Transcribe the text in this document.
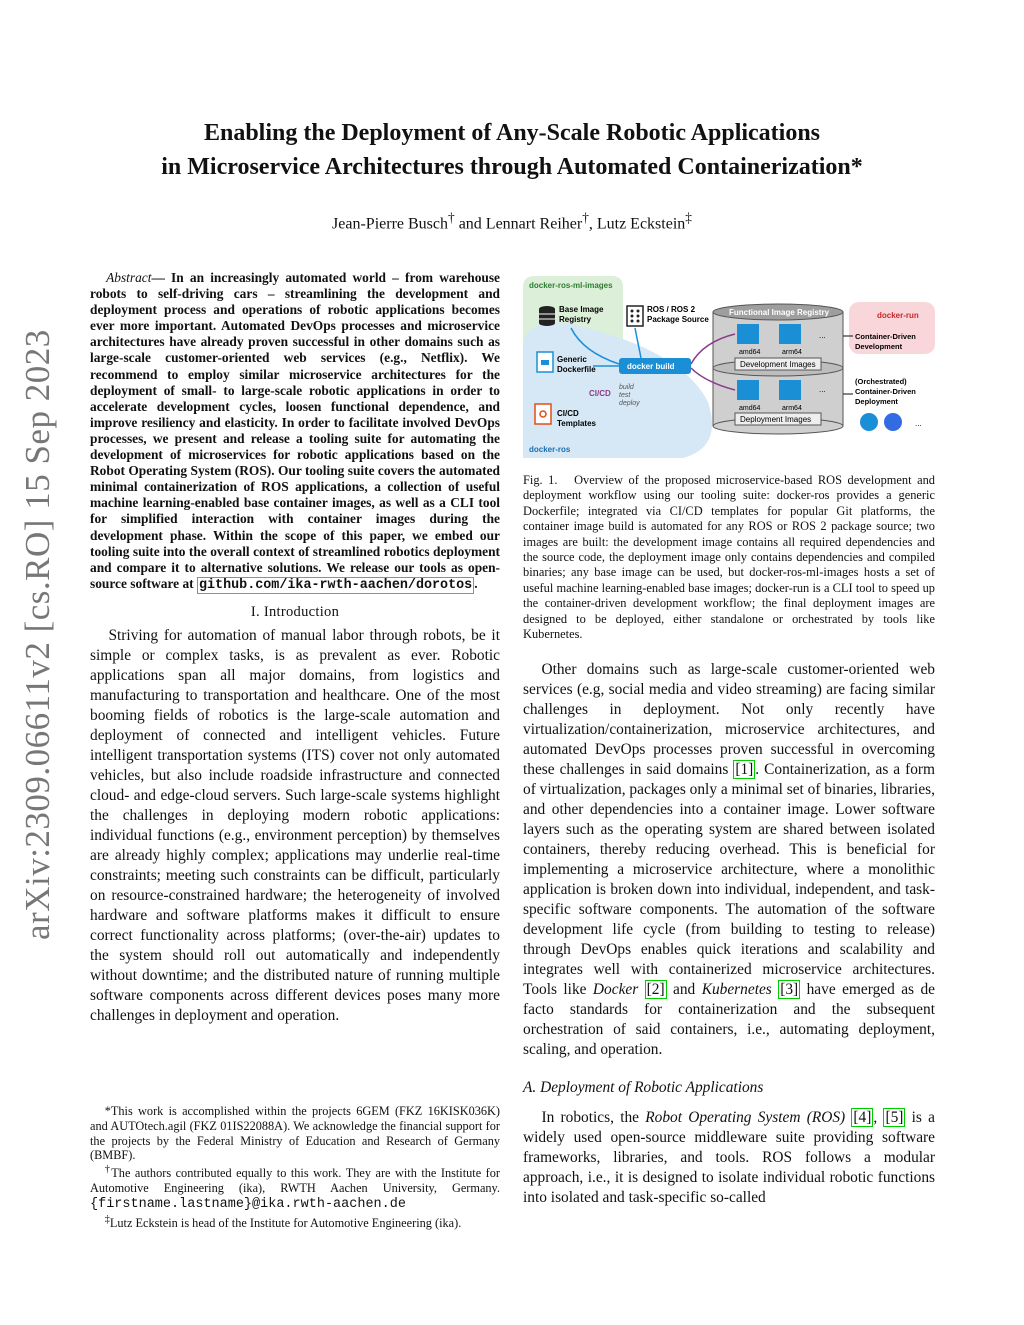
Enabling the Deployment of Any-Scale Robotic Applications
in Microservice Architectures through Automated Containerization*
Jean-Pierre Busch† and Lennart Reiher†, Lutz Eckstein‡
arXiv:2309.06611v2 [cs.RO] 15 Sep 2023

Abstract— In an increasingly automated world – from warehouse robots to self-driving cars – streamlining the development and deployment process and operations of robotic applications becomes ever more important. Automated DevOps processes and microservice architectures have already proven successful in other domains such as large-scale customer-oriented web services (e.g., Netflix). We recommend to employ similar microservice architectures for the deployment of small- to large-scale robotic applications in order to accelerate development cycles, loosen functional dependence, and improve resiliency and elasticity. In order to facilitate involved DevOps processes, we present and release a tooling suite for automating the development of microservices for robotic applications based on the Robot Operating System (ROS). Our tooling suite covers the automated minimal containerization of ROS applications, a collection of useful machine learning-enabled base container images, as well as a CLI tool for simplified interaction with container images during the development phase. Within the scope of this paper, we embed our tooling suite into the overall context of streamlined robotics deployment and compare it to alternative solutions. We release our tools as open-source software at github.com/ika-rwth-aachen/dorotos .

I. Introduction

Striving for automation of manual labor through robots, be it simple or complex tasks, is as prevalent as ever. Robotic applications span all major domains, from logistics and manufacturing to transportation and healthcare. One of the most booming fields of robotics is the large-scale automation and deployment of connected and intelligent vehicles. Future intelligent transportation systems (ITS) cover not only automated vehicles, but also include roadside infrastructure and connected cloud- and edge-cloud servers. Such large-scale systems highlight the challenges in deploying modern robotic applications: individual functions (e.g., environment perception) by themselves are already highly complex; applications may underlie real-time constraints; meeting such constraints can be difficult, particularly on resource-constrained hardware; the heterogeneity of involved hardware and software platforms makes it difficult to ensure correct functionality across platforms; (over-the-air) updates to the system should roll out automatically and independently without downtime; and the distributed nature of running multiple software components across different devices poses many more challenges in deployment and operation.

*This work is accomplished within the projects 6GEM (FKZ 16KISK036K) and AUTOtech.agil (FKZ 01IS22088A). We acknowledge the financial support for the projects by the Federal Ministry of Education and Research of Germany (BMBF).

†The authors contributed equally to this work. They are with the Institute for Automotive Engineering (ika), RWTH Aachen University, Germany. {firstname.lastname}@ika.rwth-aachen.de

‡Lutz Eckstein is head of the Institute for Automotive Engineering (ika).

docker-ros-ml-images
Base Image
Registry
ROS / ROS 2
Package Source
Generic
Dockerfile	docker build
CI/CD
build
test
deploy
CI/CD
Templates
docker-ros
Functional Image Registry
...
amd64	arm64
Development Images
...
amd64	arm64
Deployment Images
docker-run
Container-Driven
Development
(Orchestrated)
Container-Driven
Deployment
...
Fig. 1. Overview of the proposed microservice-based ROS development and deployment workflow using our tooling suite: docker-ros provides a generic Dockerfile; integrated via CI/CD templates for popular Git platforms, the container image build is automated for any ROS or ROS 2 package source; two images are built: the development image contains all required dependencies and the source code, the deployment image only contains dependencies and compiled binaries; any base image can be used, but docker-ros-ml-images hosts a set of useful machine learning-enabled base images; docker-run is a CLI tool to speed up the container-driven development workflow; the final deployment images are designed to be deployed, either standalone or orchestrated by tools like Kubernetes.

Other domains such as large-scale customer-oriented web services (e.g, social media and video streaming) are facing similar challenges in deployment. Not only recently have virtualization/containerization, microservice architectures, and automated DevOps processes proven successful in overcoming these challenges in said domains [1] . Containerization, as a form of virtualization, packages only a minimal set of binaries, libraries, and other dependencies into a container image. Lower software layers such as the operating system are shared between isolated containers, thereby reducing overhead. This is beneficial for implementing a microservice architecture, where a monolithic application is broken down into individual, independent, and task-specific software components. The automation of the software development life cycle (from building to testing to release) through DevOps enables quick iterations and scalability and integrates well with containerized microservice architectures. Tools like Docker [2] and Kubernetes [3] have emerged as de facto standards for containerization and the subsequent orchestration of said containers, i.e., automating deployment, scaling, and operation.

A. Deployment of Robotic Applications

In robotics, the Robot Operating System (ROS) [4] , [5] is a widely used open-source middleware suite providing software frameworks, libraries, and tools. ROS follows a modular approach, i.e., it is designed to isolate individual robotic functions into isolated and task-specific so-called
